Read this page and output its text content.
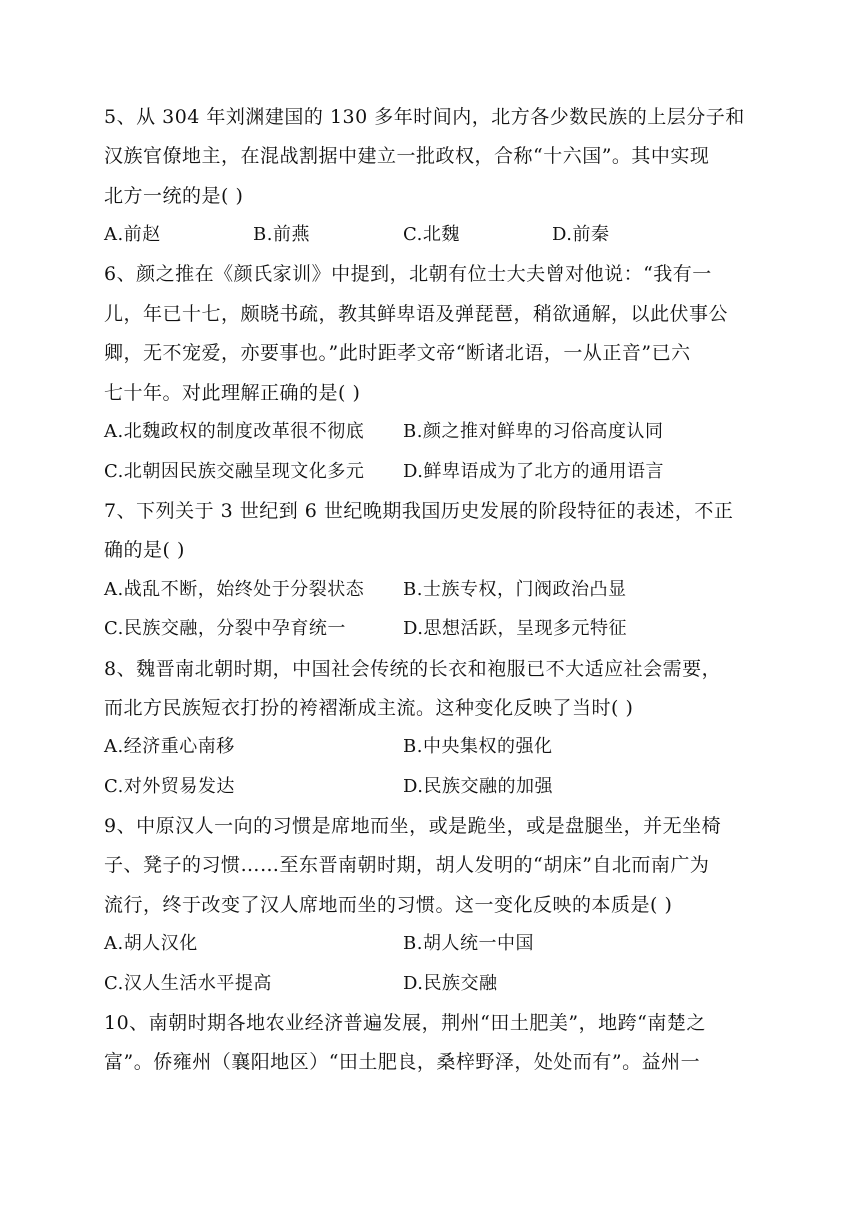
5、从 304 年刘渊建国的 130 多年时间内，北方各少数民族的上层分子和
汉族官僚地主，在混战割据中建立一批政权，合称“十六国”。其中实现
北方一统的是( )
A.前赵	B.前燕	C.北魏	D.前秦
6、颜之推在《颜氏家训》中提到，北朝有位士大夫曾对他说：“我有一
儿，年已十七，颇晓书疏，教其鲜卑语及弹琵琶，稍欲通解，以此伏事公
卿，无不宠爱，亦要事也。”此时距孝文帝“断诸北语，一从正音”已六
七十年。对此理解正确的是( )
A.北魏政权的制度改革很不彻底 B.颜之推对鲜卑的习俗高度认同
C.北朝因民族交融呈现文化多元 D.鲜卑语成为了北方的通用语言
7、下列关于 3 世纪到 6 世纪晚期我国历史发展的阶段特征的表述，不正
确的是( )
A.战乱不断，始终处于分裂状态 B.士族专权，门阀政治凸显
C.民族交融，分裂中孕育统一	D.思想活跃，呈现多元特征
8、魏晋南北朝时期，中国社会传统的长衣和袍服已不大适应社会需要，
而北方民族短衣打扮的袴褶渐成主流。这种变化反映了当时( )
A.经济重心南移	B.中央集权的强化
C.对外贸易发达	D.民族交融的加强
9、中原汉人一向的习惯是席地而坐，或是跪坐，或是盘腿坐，并无坐椅
子、凳子的习惯……至东晋南朝时期，胡人发明的“胡床”自北而南广为
流行，终于改变了汉人席地而坐的习惯。这一变化反映的本质是( )
A.胡人汉化	B.胡人统一中国
C.汉人生活水平提高	D.民族交融
10、南朝时期各地农业经济普遍发展，荆州“田土肥美”，地跨“南楚之
富”。侨雍州（襄阳地区）“田土肥良，桑梓野泽，处处而有”。益州一
